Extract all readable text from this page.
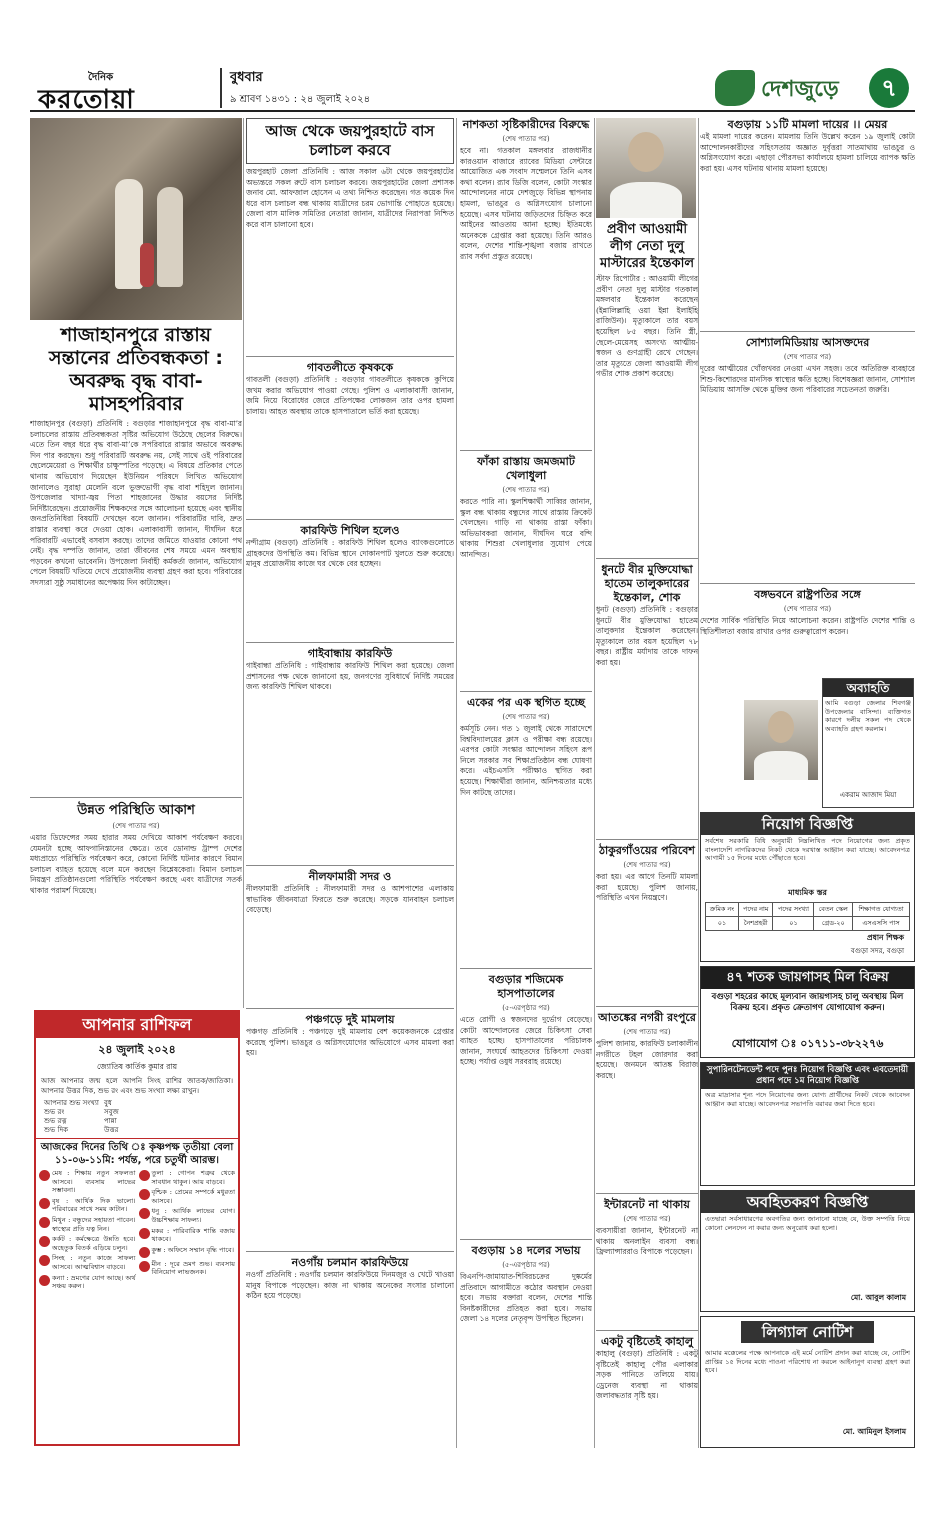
দৈনিক
করতোয়া
বুধবার
৯ শ্রাবণ ১৪৩১ : ২৪ জুলাই ২০২৪	দেশজুড়ে	৭
শাজাহানপুরে রাস্তায় সন্তানের প্রতিবন্ধকতা : অবরুদ্ধ বৃদ্ধ বাবা-মাসহপরিবার
শাজাহানপুর (বগুড়া) প্রতিনিধি : বগুড়ার শাজাহানপুরে বৃদ্ধ বাবা-মা’র চলাচলের রাস্তায় প্রতিবন্ধকতা সৃষ্টির অভিযোগ উঠেছে ছেলের বিরুদ্ধে। এতে তিন বছর ধরে বৃদ্ধ বাবা-মা’কে সপরিবারে রাস্তার অভাবে অবরুদ্ধ দিন পার করছেন। শুধু পরিবারটি অবরুদ্ধ নয়, সেই সাথে ওই পরিবারের ছেলেমেয়েরা ও শিক্ষার্থীর চাক্ষুস্পতির পড়েছে। এ বিষয়ে প্রতিকার পেতে থানায় অভিযোগ দিয়েছেন ইউনিয়ন পরিষদে লিখিত অভিযোগ জানালেও সুরাহা মেলেনি বলে ভুক্তভোগী বৃদ্ধ বাবা শহিদুল জানান। উপজেলার খাদ্যা-জ্বয় পিতা শাহজানের উদ্ধার বয়সের নির্দিষ্ট নির্দিষ্টারেছেন। প্রয়োজনীয় শিক্ষকদের সঙ্গে আলোচনা হয়েছে এবং স্থানীয় জনপ্রতিনিধিরা বিষয়টি দেখছেন বলে জানান। পরিবারটির দাবি, দ্রুত রাস্তার ব্যবস্থা করে দেওয়া হোক। এলাকাবাসী জানান, দীর্ঘদিন ধরে পরিবারটি এভাবেই বসবাস করছে। তাদের জমিতে যাওয়ার কোনো পথ নেই। বৃদ্ধ দম্পতি জানান, তারা জীবনের শেষ সময়ে এমন অবস্থায় পড়বেন কখনো ভাবেননি। উপজেলা নির্বাহী কর্মকর্তা জানান, অভিযোগ পেলে বিষয়টি খতিয়ে দেখে প্রয়োজনীয় ব্যবস্থা গ্রহণ করা হবে। পরিবারের সদস্যরা সুষ্ঠু সমাধানের অপেক্ষায় দিন কাটাচ্ছেন।
উন্নত পরিস্থিতি আকাশ
(শেষ পাতার পর)
এয়ার ডিফেন্সের সময় হারার সময় দেখিয়ে আকাশ পর্যবেক্ষণ করবে। যেমনটা হচ্ছে আফগানিস্তানের ক্ষেত্রে। তবে ডোনাল্ড ট্রাম্প দেশের মধ্যপ্রাচ্যে পরিস্থিতি পর্যবেক্ষণ করে, কোনো নির্দিষ্ট ঘটনার কারণে বিমান চলাচল ব্যাহত হয়েছে বলে মনে করছেন বিশ্লেষকেরা। বিমান চলাচল নিয়ন্ত্রণ প্রতিষ্ঠানগুলো পরিস্থিতি পর্যবেক্ষণ করছে এবং যাত্রীদের সতর্ক থাকার পরামর্শ দিয়েছে।
আপনার রাশিফল
২৪ জুলাই ২০২৪
জ্যোতিষ কার্তিক কুমার রায়
আজ আপনার জন্ম হলে আপনি সিংহ রাশির জাতক/জাতিকা। আপনার উত্তর দিক, শুভ রং এবং শুভ সংখ্যা লক্ষ্য রাখুন।
আপনার শুভ সংখ্যা বুধ
শুভ রং	সবুজ
শুভ রত্ন	পান্না
শুভ দিক	উত্তর
আজকের দিনের তিথি ঃ কৃষ্ণপক্ষ তৃতীয়া বেলা ১১-০৬-১১মি: পর্যন্ত, পরে চতুর্থী আরম্ভ।
মেষ : শিক্ষায় নতুন সফলতা আসবে। ব্যবসায় লাভের সম্ভাবনা।
বৃষ : আর্থিক দিক ভালো। পরিবারের সাথে সময় কাটান।
মিথুন : বন্ধুদের সহায়তা পাবেন। স্বাস্থ্যের প্রতি যত্ন নিন।
কর্কট : কর্মক্ষেত্রে উন্নতি হবে। অহেতুক বিতর্ক এড়িয়ে চলুন।
সিংহ : নতুন কাজে সাফল্য আসবে। আত্মবিশ্বাস বাড়বে।
কন্যা : ভ্রমণের যোগ আছে। অর্থ সঞ্চয় করুন।
তুলা : গোপন শত্রুর থেকে সাবধান থাকুন। আয় বাড়বে।
বৃশ্চিক : প্রেমের সম্পর্কে মধুরতা আসবে।
ধনু : আর্থিক লাভের যোগ। উচ্চশিক্ষায় সাফল্য।
মকর : পারিবারিক শান্তি বজায় থাকবে।
কুম্ভ : অফিসে সম্মান বৃদ্ধি পাবে।
মীন : দূরে ভ্রমণ শুভ। ব্যবসায় বিনিয়োগ লাভজনক।
আজ থেকে জয়পুরহাটে বাস চলাচল করবে
জয়পুরহাট জেলা প্রতিনিধি : আজ সকাল ৬টা থেকে জয়পুরহাটের অভ্যন্তরে সকল রুটে বাস চলাচল করবে। জয়পুরহাটের জেলা প্রশাসক জনাব মো. আফজাল হোসেন এ তথ্য নিশ্চিত করেছেন। গত কয়েক দিন ধরে বাস চলাচল বন্ধ থাকায় যাত্রীদের চরম ভোগান্তি পোহাতে হয়েছে। জেলা বাস মালিক সমিতির নেতারা জানান, যাত্রীদের নিরাপত্তা নিশ্চিত করে বাস চালানো হবে।
গাবতলীতে কৃষককে
গাবতলী (বগুড়া) প্রতিনিধি : বগুড়ার গাবতলীতে কৃষককে কুপিয়ে জখম করার অভিযোগ পাওয়া গেছে। পুলিশ ও এলাকাবাসী জানান, জমি নিয়ে বিরোধের জেরে প্রতিপক্ষের লোকজন তার ওপর হামলা চালায়। আহত অবস্থায় তাকে হাসপাতালে ভর্তি করা হয়েছে।
কারফিউ শিথিল হলেও
নন্দীগ্রাম (বগুড়া) প্রতিনিধি : কারফিউ শিথিল হলেও ব্যাংকগুলোতে গ্রাহকদের উপস্থিতি কম। বিভিন্ন স্থানে দোকানপাট খুলতে শুরু করেছে। মানুষ প্রয়োজনীয় কাজে ঘর থেকে বের হচ্ছেন।
গাইবান্ধায় কারফিউ
গাইবান্ধা প্রতিনিধি : গাইবান্ধায় কারফিউ শিথিল করা হয়েছে। জেলা প্রশাসনের পক্ষ থেকে জানানো হয়, জনগণের সুবিধার্থে নির্দিষ্ট সময়ের জন্য কারফিউ শিথিল থাকবে।
নীলফামারী সদর ও
নীলফামারী প্রতিনিধি : নীলফামারী সদর ও আশপাশের এলাকায় স্বাভাবিক জীবনযাত্রা ফিরতে শুরু করেছে। সড়কে যানবাহন চলাচল বেড়েছে।
পঞ্চগড়ে দুই মামলায়
পঞ্চগড় প্রতিনিধি : পঞ্চগড়ে দুই মামলায় বেশ কয়েকজনকে গ্রেপ্তার করেছে পুলিশ। ভাঙচুর ও অগ্নিসংযোগের অভিযোগে এসব মামলা করা হয়।
নওগাঁয় চলমান কারফিউয়ে
নওগাঁ প্রতিনিধি : নওগাঁয় চলমান কারফিউয়ে দিনমজুর ও খেটে খাওয়া মানুষ বিপাকে পড়েছেন। কাজ না থাকায় অনেকের সংসার চালানো কঠিন হয়ে পড়েছে।
নাশকতা সৃষ্টিকারীদের বিরুদ্ধে
(শেষ পাতার পর)
হবে না। গতকাল মঙ্গলবার রাজধানীর কারওয়ান বাজারে র‍্যাবের মিডিয়া সেন্টারে আয়োজিত এক সংবাদ সম্মেলনে তিনি এসব কথা বলেন। র‍্যাব ডিজি বলেন, কোটা সংস্কার আন্দোলনের নামে দেশজুড়ে বিভিন্ন স্থাপনায় হামলা, ভাঙচুর ও অগ্নিসংযোগ চালানো হয়েছে। এসব ঘটনায় জড়িতদের চিহ্নিত করে আইনের আওতায় আনা হচ্ছে। ইতিমধ্যে অনেককে গ্রেপ্তার করা হয়েছে। তিনি আরও বলেন, দেশের শান্তি-শৃঙ্খলা বজায় রাখতে র‍্যাব সর্বদা প্রস্তুত রয়েছে।
ফাঁকা রাস্তায় জমজমাট খেলাধুলা
(শেষ পাতার পর)
করতে পারি না। স্কুলশিক্ষার্থী সাব্বির জানান, স্কুল বন্ধ থাকায় বন্ধুদের সাথে রাস্তায় ক্রিকেট খেলছেন। গাড়ি না থাকায় রাস্তা ফাঁকা। অভিভাবকরা জানান, দীর্ঘদিন ঘরে বন্দি থাকায় শিশুরা খেলাধুলার সুযোগ পেয়ে আনন্দিত।
একের পর এক স্থগিত হচ্ছে
(শেষ পাতার পর)
কর্মসূচি নেন। গত ১ জুলাই থেকে সারাদেশে বিশ্ববিদ্যালয়ের ক্লাস ও পরীক্ষা বন্ধ রয়েছে। এরপর কোটা সংস্কার আন্দোলন সহিংস রূপ নিলে সরকার সব শিক্ষাপ্রতিষ্ঠান বন্ধ ঘোষণা করে। এইচএসসি পরীক্ষাও স্থগিত করা হয়েছে। শিক্ষার্থীরা জানান, অনিশ্চয়তার মধ্যে দিন কাটছে তাদের।
বগুড়ার শজিমেক হাসপাতালের
(৫-এরপৃষ্ঠার পর)
এতে রোগী ও স্বজনদের দুর্ভোগ বেড়েছে। কোটা আন্দোলনের জেরে চিকিৎসা সেবা ব্যাহত হচ্ছে। হাসপাতালের পরিচালক জানান, সংঘর্ষে আহতদের চিকিৎসা দেওয়া হচ্ছে। পর্যাপ্ত ওষুধ সরবরাহ রয়েছে।
বগুড়ায় ১৪ দলের সভায়
(৫-এরপৃষ্ঠার পর)
বিএনপি-জামায়াত-শিবিরচক্রের দুষ্কর্মের প্রতিবাদে আগামীতে কঠোর অবস্থান নেওয়া হবে। সভায় বক্তারা বলেন, দেশের শান্তি বিনষ্টকারীদের প্রতিহত করা হবে। সভায় জেলা ১৪ দলের নেতৃবৃন্দ উপস্থিত ছিলেন।
প্রবীণ আওয়ামী লীগ নেতা দুলু মাস্টারের ইন্তেকাল
স্টাফ রিপোর্টার : আওয়ামী লীগের প্রবীণ নেতা দুলু মাস্টার গতকাল মঙ্গলবার ইন্তেকাল করেছেন (ইন্নালিল্লাহি ওয়া ইন্না ইলাইহি রাজিউন)। মৃত্যুকালে তার বয়স হয়েছিল ৮৫ বছর। তিনি স্ত্রী, ছেলে-মেয়েসহ অসংখ্য আত্মীয়-স্বজন ও গুণগ্রাহী রেখে গেছেন। তার মৃত্যুতে জেলা আওয়ামী লীগ গভীর শোক প্রকাশ করেছে।
ধুনটে বীর মুক্তিযোদ্ধা হাতেম তালুকদারের ইন্তেকাল, শোক
ধুনট (বগুড়া) প্রতিনিধি : বগুড়ার ধুনটে বীর মুক্তিযোদ্ধা হাতেম তালুকদার ইন্তেকাল করেছেন। মৃত্যুকালে তার বয়স হয়েছিল ৭৮ বছর। রাষ্ট্রীয় মর্যাদায় তাকে দাফন করা হয়।
ঠাকুরগাঁওয়ের পরিবেশ
(শেষ পাতার পর)
করা হয়। এর আগে তিনটি মামলা করা হয়েছে। পুলিশ জানায়, পরিস্থিতি এখন নিয়ন্ত্রণে।
আতঙ্কের নগরী রংপুরে
(শেষ পাতার পর)
পুলিশ জানায়, কারফিউ চলাকালীন নগরীতে টহল জোরদার করা হয়েছে। জনমনে আতঙ্ক বিরাজ করছে।
ইন্টারনেট না থাকায়
(শেষ পাতার পর)
ব্যবসায়ীরা জানান, ইন্টারনেট না থাকায় অনলাইন ব্যবসা বন্ধ। ফ্রিল্যান্সাররাও বিপাকে পড়েছেন।
একটু বৃষ্টিতেই কাহালু
কাহালু (বগুড়া) প্রতিনিধি : একটু বৃষ্টিতেই কাহালু পৌর এলাকার সড়ক পানিতে তলিয়ে যায়। ড্রেনেজ ব্যবস্থা না থাকায় জলাবদ্ধতার সৃষ্টি হয়।
বগুড়ায় ১১টি মামলা দায়ের ।। মেয়র
এই মামলা দায়ের করেন। মামলায় তিনি উল্লেখ করেন ১৯ জুলাই কোটা আন্দোলনকারীদের সহিংসতায় অজ্ঞাত দুর্বৃত্তরা সাতমাথায় ভাঙচুর ও অগ্নিসংযোগ করে। এছাড়া পৌরসভা কার্যালয়ে হামলা চালিয়ে ব্যাপক ক্ষতি করা হয়। এসব ঘটনায় থানায় মামলা হয়েছে।
সোশ্যালমিডিয়ায় আসক্তদের
(শেষ পাতার পর)
দূরের আত্মীয়ের খোঁজখবর নেওয়া এখন সহজ। তবে অতিরিক্ত ব্যবহারে শিশু-কিশোরদের মানসিক স্বাস্থ্যের ক্ষতি হচ্ছে। বিশেষজ্ঞরা জানান, সোশ্যাল মিডিয়ায় আসক্তি থেকে মুক্তির জন্য পরিবারের সচেতনতা জরুরি।
বঙ্গভবনে রাষ্ট্রপতির সঙ্গে
(শেষ পাতার পর)
দেশের সার্বিক পরিস্থিতি নিয়ে আলোচনা করেন। রাষ্ট্রপতি দেশের শান্তি ও স্থিতিশীলতা বজায় রাখার ওপর গুরুত্বারোপ করেন।
অব্যাহতি
আমি বগুড়া জেলার শিবগঞ্জ উপজেলার বাসিন্দা। ব্যক্তিগত কারণে দলীয় সকল পদ থেকে অব্যাহতি গ্রহণ করলাম।
একরাম আজাদ মিয়া
নিয়োগ বিজ্ঞপ্তি
সর্বশেষ সরকারি বিধি অনুযায়ী নিম্নলিখিত পদে নিয়োগের জন্য প্রকৃত বাংলাদেশি নাগরিকদের নিকট থেকে দরখাস্ত আহ্বান করা যাচ্ছে। আবেদনপত্র আগামী ১৫ দিনের মধ্যে পৌঁছাতে হবে।
মাধ্যমিক স্তর
ক্রমিক নং	পদের নাম	পদের সংখ্যা	বেতন স্কেল	শিক্ষাগত যোগ্যতা
০১	নৈশপ্রহরী	০১	গ্রেড-২০	এসএসসি পাস
প্রধান শিক্ষক
বগুড়া সদর, বগুড়া
৪৭ শতক জায়গাসহ মিল বিক্রয়
বগুড়া শহরের কাছে মূল্যবান জায়গাসহ চালু অবস্থায় মিল বিক্রয় হবে। প্রকৃত ক্রেতাগণ যোগাযোগ করুন।
যোগাযোগ ঃ ০১৭১১-৩৮২২৭৬
সুপারিনটেনডেন্ট পদে পুনঃ নিয়োগ বিজ্ঞপ্তি এবং এবতেদায়ী প্রধান পদে ১ম নিয়োগ বিজ্ঞপ্তি
অত্র মাদ্রাসার শূন্য পদে নিয়োগের জন্য যোগ্য প্রার্থীদের নিকট থেকে আবেদন আহ্বান করা যাচ্ছে। আবেদনপত্র সভাপতি বরাবর জমা দিতে হবে।
অবহিতকরণ বিজ্ঞপ্তি
এতদ্বারা সর্বসাধারণের অবগতির জন্য জানানো যাচ্ছে যে, উক্ত সম্পত্তি নিয়ে কোনো লেনদেন না করার জন্য অনুরোধ করা হলো।
মো. আবুল কালাম
লিগ্যাল নোটিশ
আমার মক্কেলের পক্ষে আপনাকে এই মর্মে নোটিশ প্রদান করা যাচ্ছে যে, নোটিশ প্রাপ্তির ১৫ দিনের মধ্যে পাওনা পরিশোধ না করলে আইনানুগ ব্যবস্থা গ্রহণ করা হবে।
মো. আমিনুল ইসলাম
